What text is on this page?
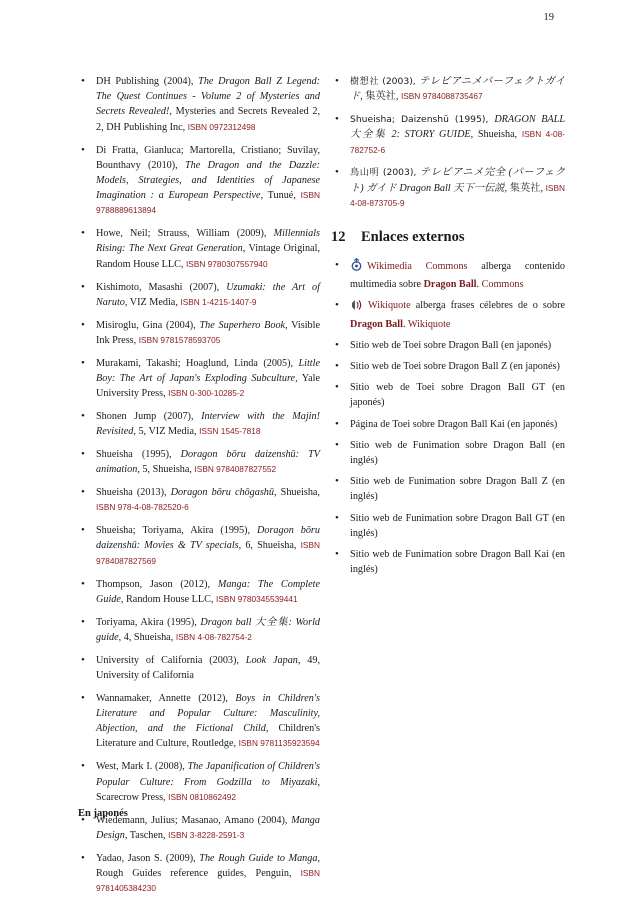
19
• DH Publishing (2004), The Dragon Ball Z Legend: The Quest Continues - Volume 2 of Mysteries and Secrets Revealed!, Mysteries and Secrets Revealed 2, 2, DH Publishing Inc, ISBN 0972312498
• Di Fratta, Gianluca; Martorella, Cristiano; Suvilay, Bounthavy (2010), The Dragon and the Dazzle: Models, Strategies, and Identities of Japanese Imagination : a European Perspective, Tunué, ISBN 9788889613894
• Howe, Neil; Strauss, William (2009), Millennials Rising: The Next Great Generation, Vintage Original, Random House LLC, ISBN 9780307557940
• Kishimoto, Masashi (2007), Uzumaki: the Art of Naruto, VIZ Media, ISBN 1-4215-1407-9
• Misiroglu, Gina (2004), The Superhero Book, Visible Ink Press, ISBN 9781578593705
• Murakami, Takashi; Hoaglund, Linda (2005), Little Boy: The Art of Japan's Exploding Subculture, Yale University Press, ISBN 0-300-10285-2
• Shonen Jump (2007), Interview with the Majin! Revisited, 5, VIZ Media, ISSN 1545-7818
• Shueisha (1995), Doragon bōru daizenshū: TV animation, 5, Shueisha, ISBN 9784087827552
• Shueisha (2013), Doragon bōru chōgashū, Shueisha, ISBN 978-4-08-782520-6
• Shueisha; Toriyama, Akira (1995), Doragon bōru daizenshū: Movies & TV specials, 6, Shueisha, ISBN 9784087827569
• Thompson, Jason (2012), Manga: The Complete Guide, Random House LLC, ISBN 9780345539441
• Toriyama, Akira (1995), Dragon ball 大全集: World guide, 4, Shueisha, ISBN 4-08-782754-2
• University of California (2003), Look Japan, 49, University of California
• Wannamaker, Annette (2012), Boys in Children's Literature and Popular Culture: Masculinity, Abjection, and the Fictional Child, Children's Literature and Culture, Routledge, ISBN 9781135923594
• West, Mark I. (2008), The Japanification of Children's Popular Culture: From Godzilla to Miyazaki, Scarecrow Press, ISBN 0810862492
• Wiedemann, Julius; Masanao, Amano (2004), Manga Design, Taschen, ISBN 3-8228-2591-3
• Yadao, Jason S. (2009), The Rough Guide to Manga, Rough Guides reference guides, Penguin, ISBN 9781405384230
En japonés
• 樹想社 (2003), テレビアニメパーフェクトガイド, 集英社, ISBN 9784088735467
• Shueisha; Daizenshū (1995), DRAGON BALL 大全集 2: STORY GUIDE, Shueisha, ISBN 4-08-782752-6
• 鳥山明 (2003), テレビアニメ完全 (パーフェクト) ガイド Dragon Ball 天下一伝説, 集英社, ISBN 4-08-873705-9
12 Enlaces externos
• Wikimedia Commons alberga contenido multimedia sobre Dragon Ball. Commons
• Wikiquote alberga frases célebres de o sobre Dragon Ball. Wikiquote
• Sitio web de Toei sobre Dragon Ball (en japonés)
• Sitio web de Toei sobre Dragon Ball Z (en japonés)
• Sitio web de Toei sobre Dragon Ball GT (en japonés)
• Página de Toei sobre Dragon Ball Kai (en japonés)
• Sitio web de Funimation sobre Dragon Ball (en inglés)
• Sitio web de Funimation sobre Dragon Ball Z (en inglés)
• Sitio web de Funimation sobre Dragon Ball GT (en inglés)
• Sitio web de Funimation sobre Dragon Ball Kai (en inglés)
